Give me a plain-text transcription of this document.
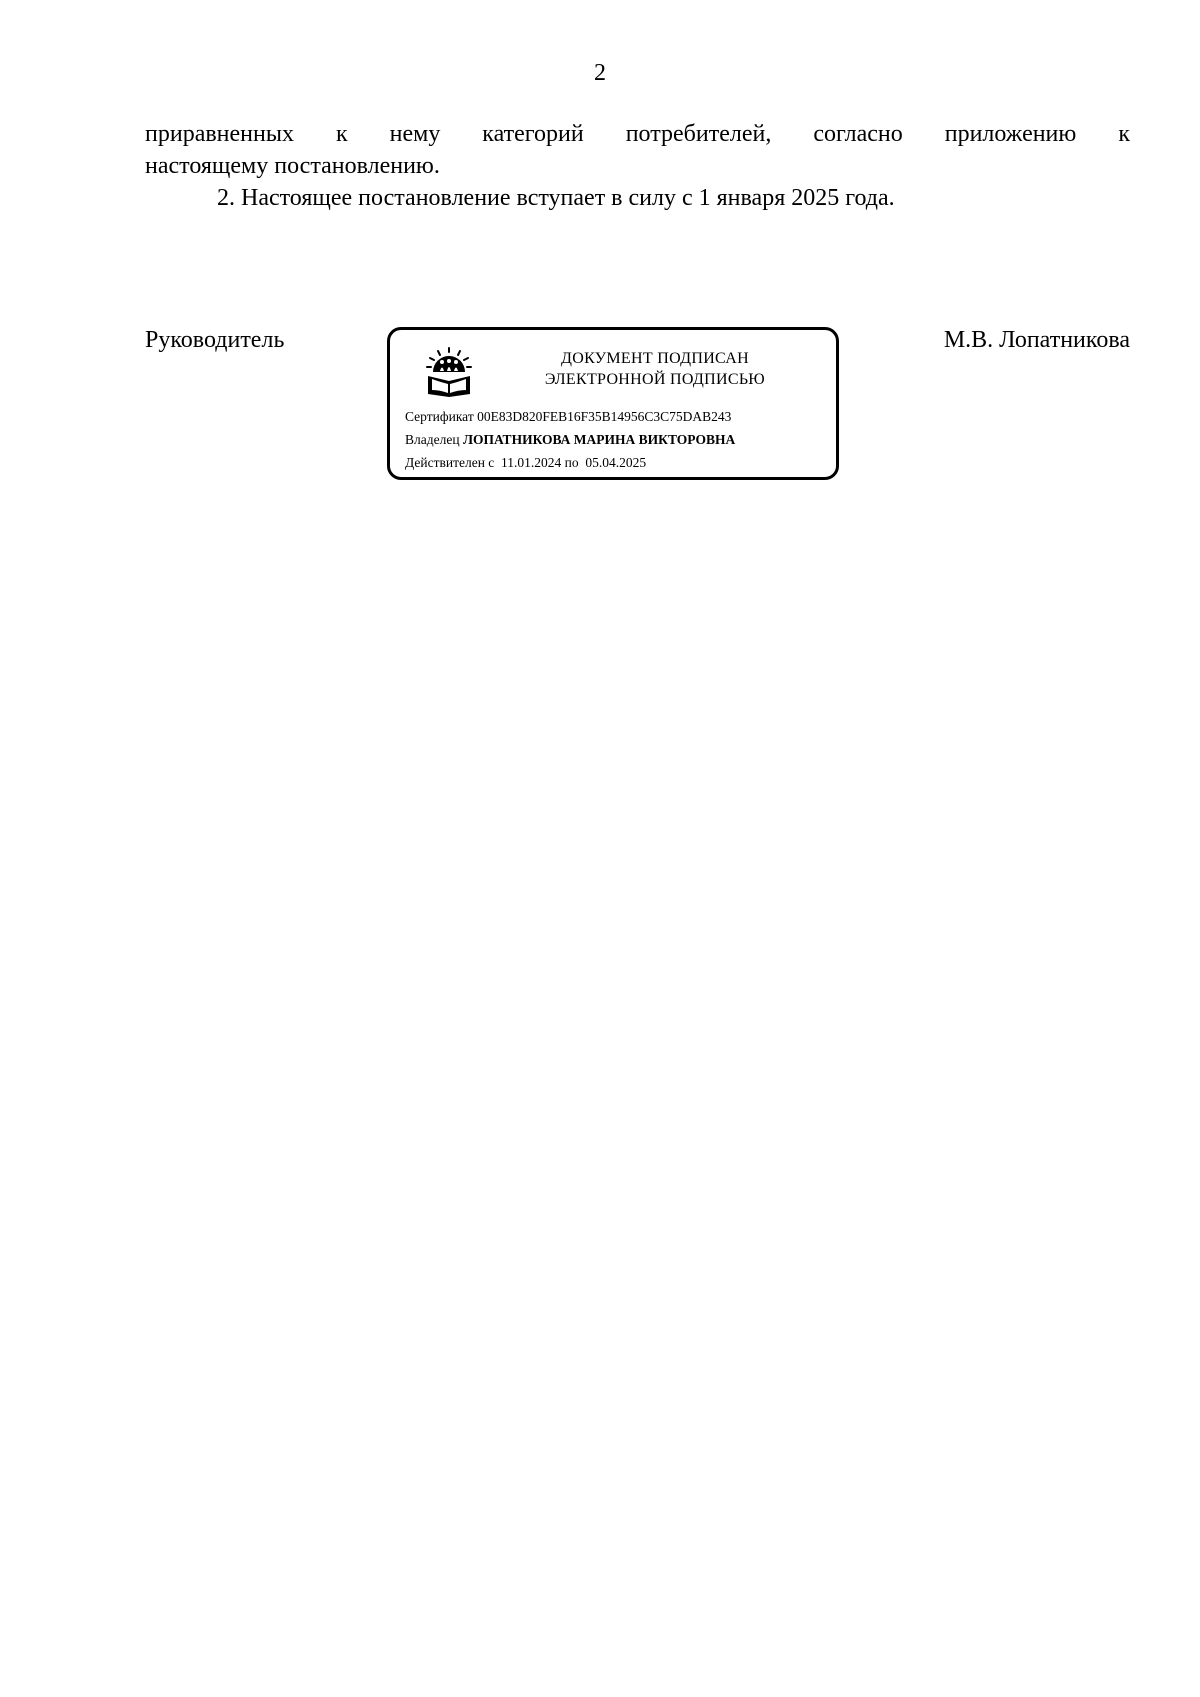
2
приравненных к нему категорий потребителей, согласно приложению к
настоящему постановлению.
2. Настоящее постановление вступает в силу с 1 января 2025 года.
Руководитель	М.В. Лопатникова
ДОКУМЕНТ ПОДПИСАН
ЭЛЕКТРОННОЙ ПОДПИСЬЮ
Сертификат 00E83D820FEB16F35B14956C3C75DAB243
Владелец ЛОПАТНИКОВА МАРИНА ВИКТОРОВНА
Действителен с 11.01.2024 по 05.04.2025
